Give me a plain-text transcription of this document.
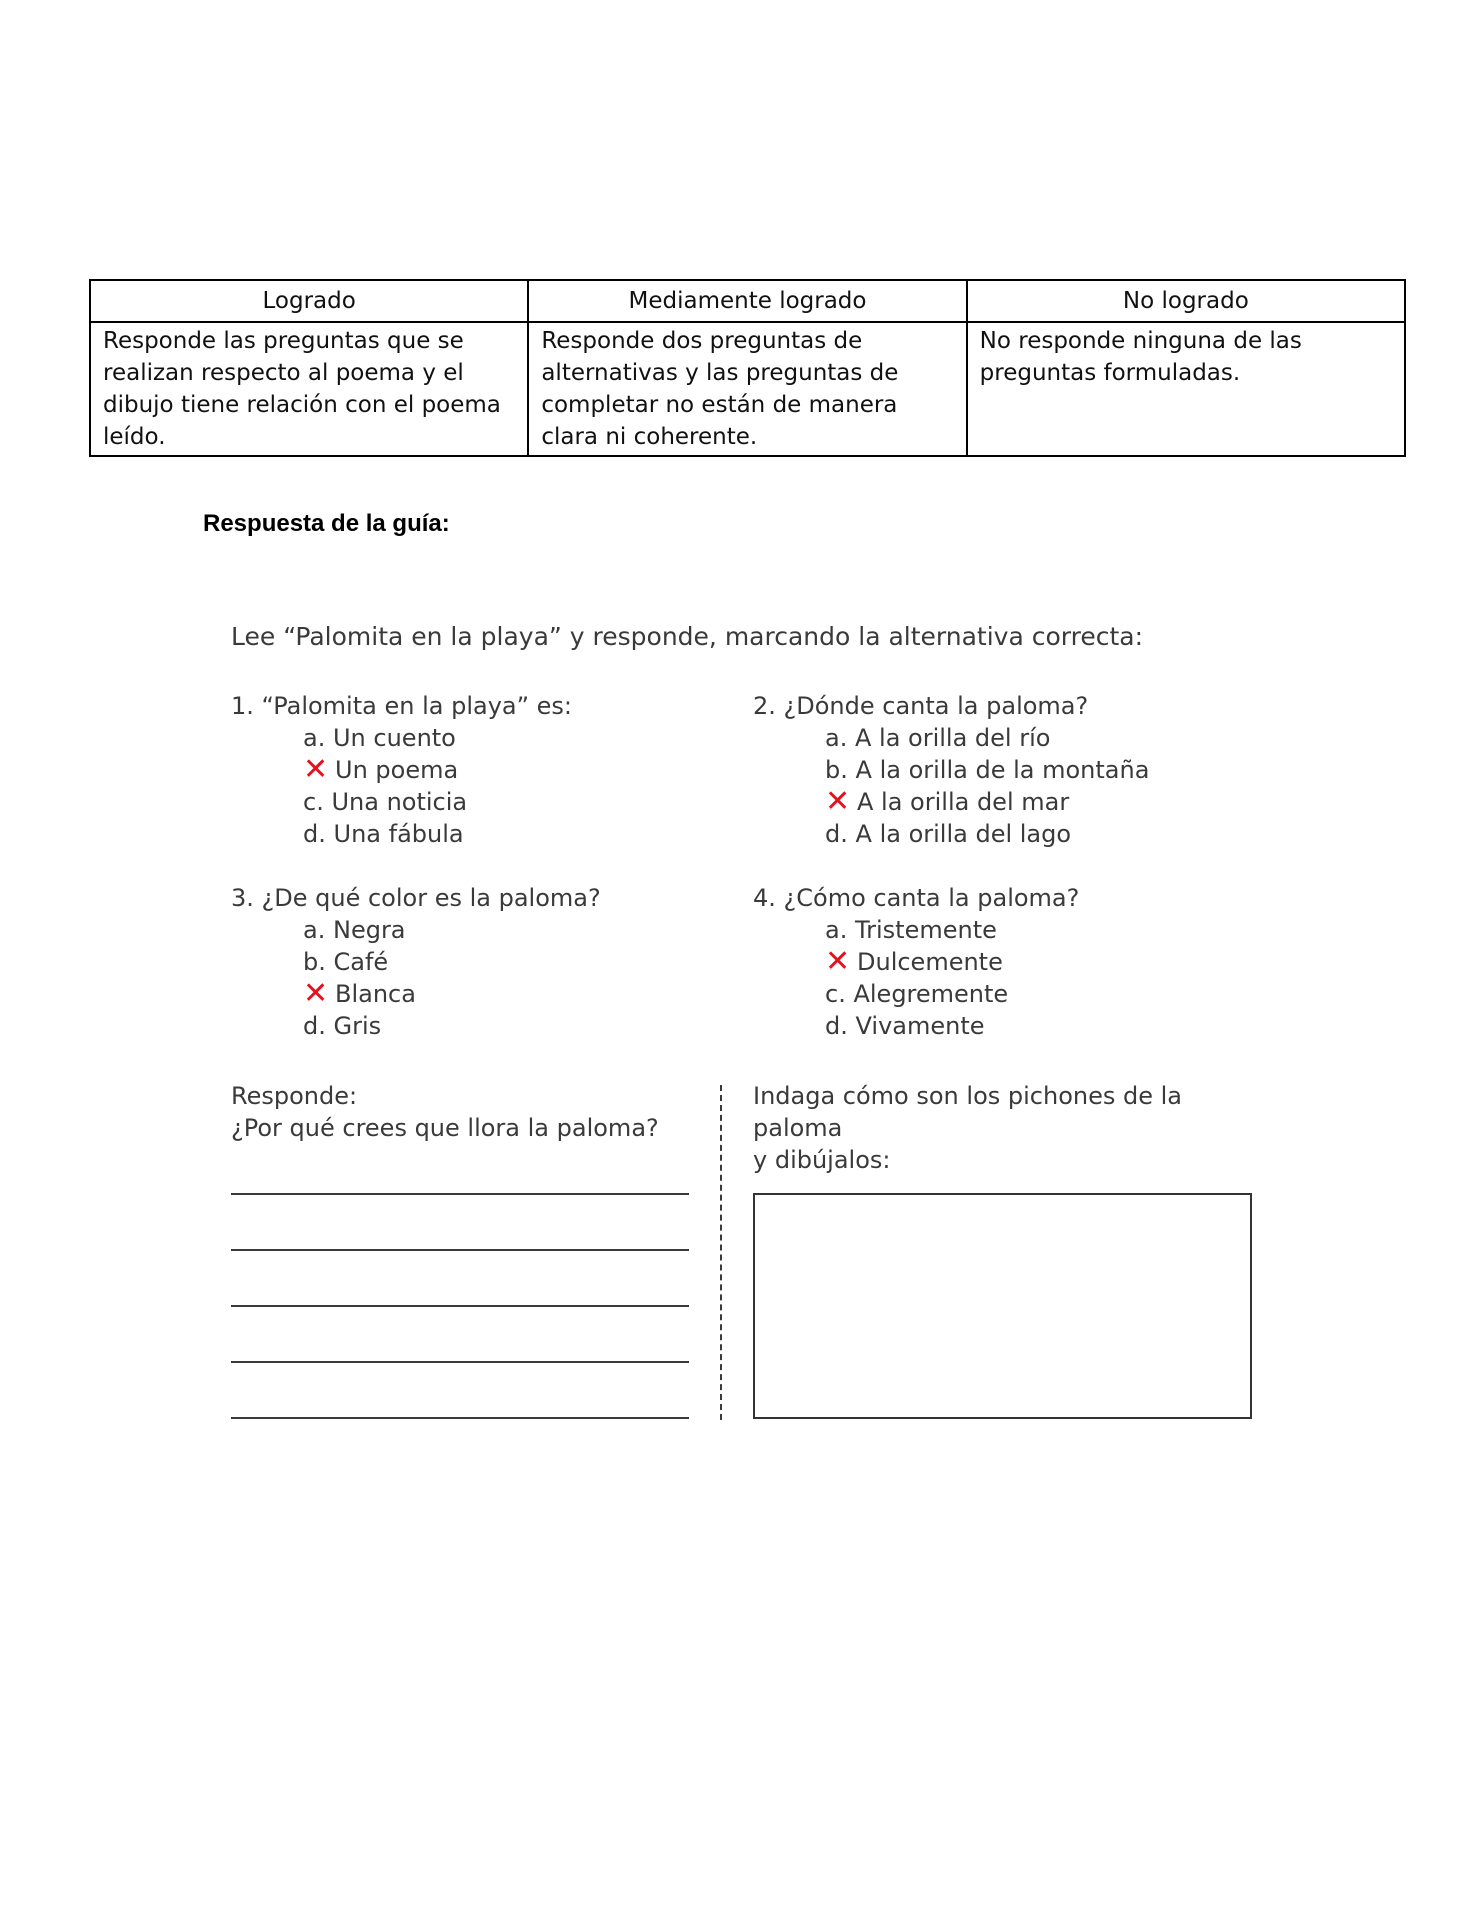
Logrado	Mediamente logrado	No logrado
Responde las preguntas que se realizan respecto al poema y el dibujo tiene relación con el poema leído.	Responde dos preguntas de alternativas y las preguntas de completar no están de manera clara ni coherente.	No responde ninguna de las preguntas formuladas.
Respuesta de la guía:

Lee “Palomita en la playa” y responde, marcando la alternativa correcta:

1. “Palomita en la playa” es:

a. Un cuento
✕ Un poema
c. Una noticia
d. Una fábula

2. ¿Dónde canta la paloma?

a. A la orilla del río
b. A la orilla de la montaña
✕ A la orilla del mar
d. A la orilla del lago

3. ¿De qué color es la paloma?

a. Negra
b. Café
✕ Blanca
d. Gris

4. ¿Cómo canta la paloma?

a. Tristemente
✕ Dulcemente
c. Alegremente
d. Vivamente

Responde:

¿Por qué crees que llora la paloma?

Indaga cómo son los pichones de la paloma

y dibújalos:
